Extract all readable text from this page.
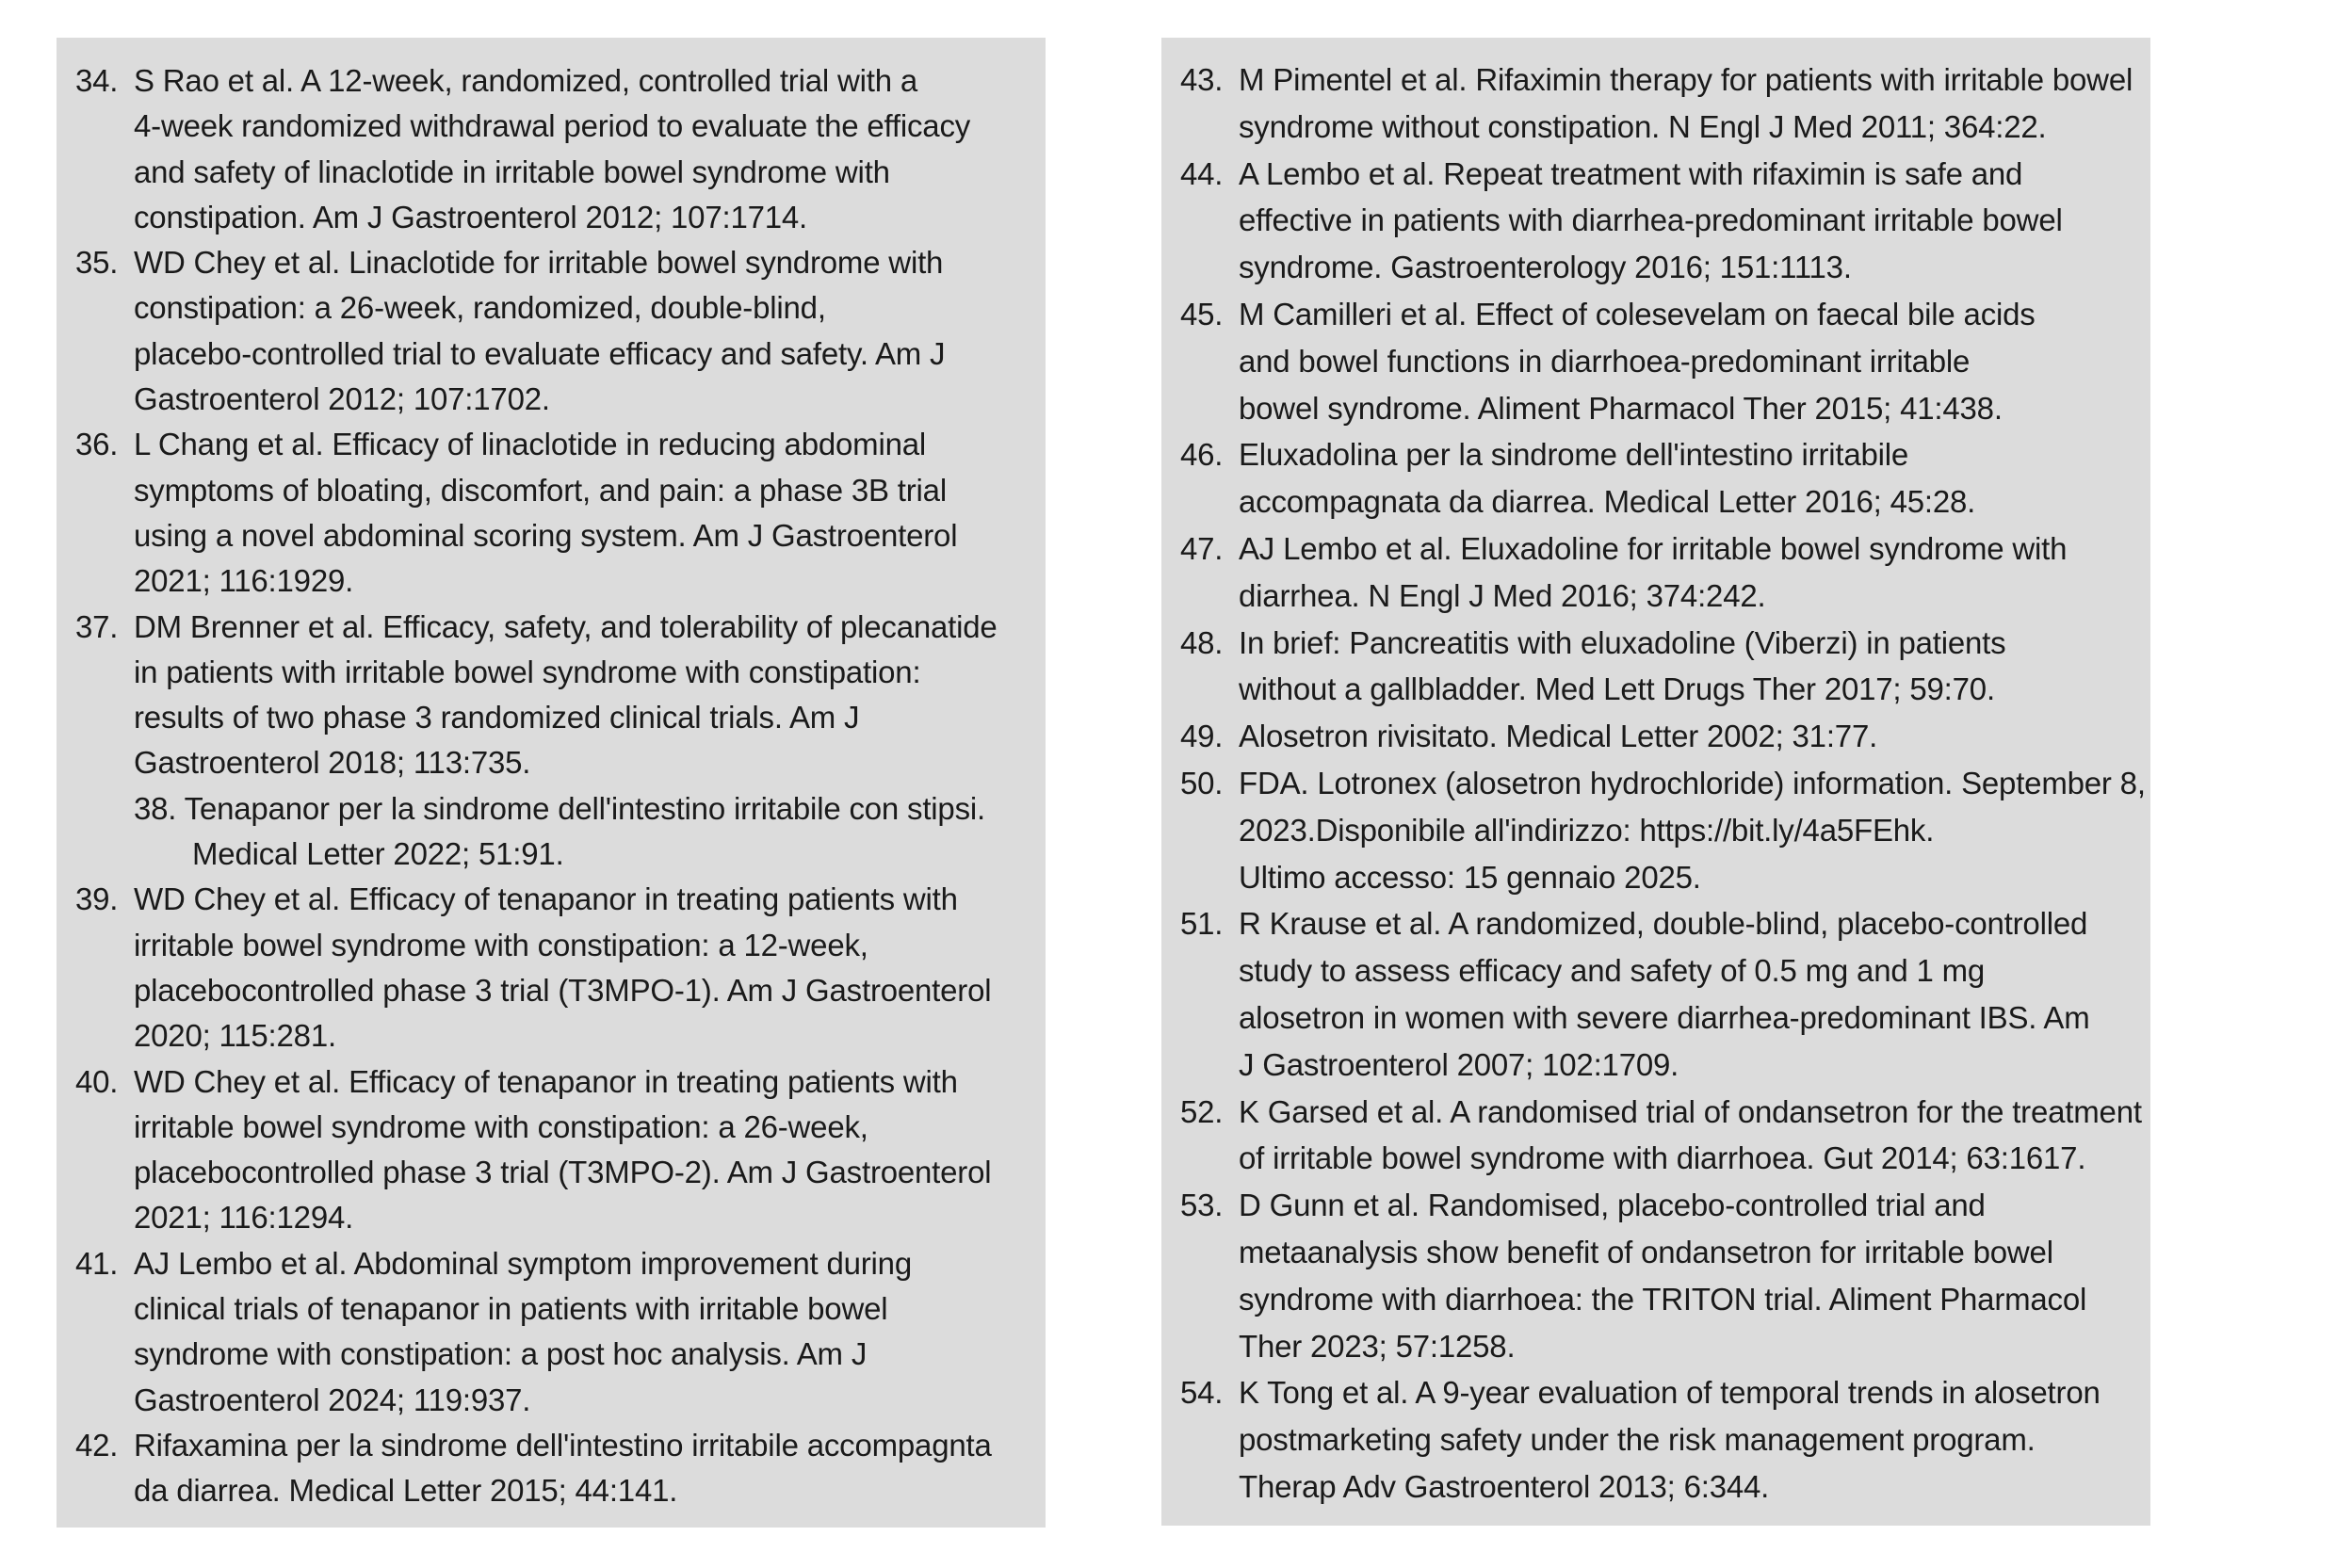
34. S Rao et al. A 12-week, randomized, controlled trial with a
4-week randomized withdrawal period to evaluate the efficacy
and safety of linaclotide in irritable bowel syndrome with
constipation. Am J Gastroenterol 2012; 107:1714.
35. WD Chey et al. Linaclotide for irritable bowel syndrome with
constipation: a 26-week, randomized, double-blind,
placebo-controlled trial to evaluate efficacy and safety. Am J
Gastroenterol 2012; 107:1702.
36. L Chang et al. Efficacy of linaclotide in reducing abdominal
symptoms of bloating, discomfort, and pain: a phase 3B trial
using a novel abdominal scoring system. Am J Gastroenterol
2021; 116:1929.
37. DM Brenner et al. Efficacy, safety, and tolerability of plecanatide
in patients with irritable bowel syndrome with constipation:
results of two phase 3 randomized clinical trials. Am J
Gastroenterol 2018; 113:735.
38. Tenapanor per la sindrome dell'intestino irritabile con stipsi.
Medical Letter 2022; 51:91.
39. WD Chey et al. Efficacy of tenapanor in treating patients with
irritable bowel syndrome with constipation: a 12-week,
placebocontrolled phase 3 trial (T3MPO-1). Am J Gastroenterol
2020; 115:281.
40. WD Chey et al. Efficacy of tenapanor in treating patients with
irritable bowel syndrome with constipation: a 26-week,
placebocontrolled phase 3 trial (T3MPO-2). Am J Gastroenterol
2021; 116:1294.
41. AJ Lembo et al. Abdominal symptom improvement during
clinical trials of tenapanor in patients with irritable bowel
syndrome with constipation: a post hoc analysis. Am J
Gastroenterol 2024; 119:937.
42. Rifaxamina per la sindrome dell'intestino irritabile accompagnta
da diarrea. Medical Letter 2015; 44:141.
43. M Pimentel et al. Rifaximin therapy for patients with irritable bowel
syndrome without constipation. N Engl J Med 2011; 364:22.
44. A Lembo et al. Repeat treatment with rifaximin is safe and
effective in patients with diarrhea-predominant irritable bowel
syndrome. Gastroenterology 2016; 151:1113.
45. M Camilleri et al. Effect of colesevelam on faecal bile acids
and bowel functions in diarrhoea-predominant irritable
bowel syndrome. Aliment Pharmacol Ther 2015; 41:438.
46. Eluxadolina per la sindrome dell'intestino irritabile
accompagnata da diarrea. Medical Letter 2016; 45:28.
47. AJ Lembo et al. Eluxadoline for irritable bowel syndrome with
diarrhea. N Engl J Med 2016; 374:242.
48. In brief: Pancreatitis with eluxadoline (Viberzi) in patients
without a gallbladder. Med Lett Drugs Ther 2017; 59:70.
49. Alosetron rivisitato. Medical Letter 2002; 31:77.
50. FDA. Lotronex (alosetron hydrochloride) information. September 8,
2023.Disponibile all'indirizzo: https://bit.ly/4a5FEhk.
Ultimo accesso: 15 gennaio 2025.
51. R Krause et al. A randomized, double-blind, placebo-controlled
study to assess efficacy and safety of 0.5 mg and 1 mg
alosetron in women with severe diarrhea-predominant IBS. Am
J Gastroenterol 2007; 102:1709.
52. K Garsed et al. A randomised trial of ondansetron for the treatment
of irritable bowel syndrome with diarrhoea. Gut 2014; 63:1617.
53. D Gunn et al. Randomised, placebo-controlled trial and
metaanalysis show benefit of ondansetron for irritable bowel
syndrome with diarrhoea: the TRITON trial. Aliment Pharmacol
Ther 2023; 57:1258.
54. K Tong et al. A 9-year evaluation of temporal trends in alosetron
postmarketing safety under the risk management program.
Therap Adv Gastroenterol 2013; 6:344.
